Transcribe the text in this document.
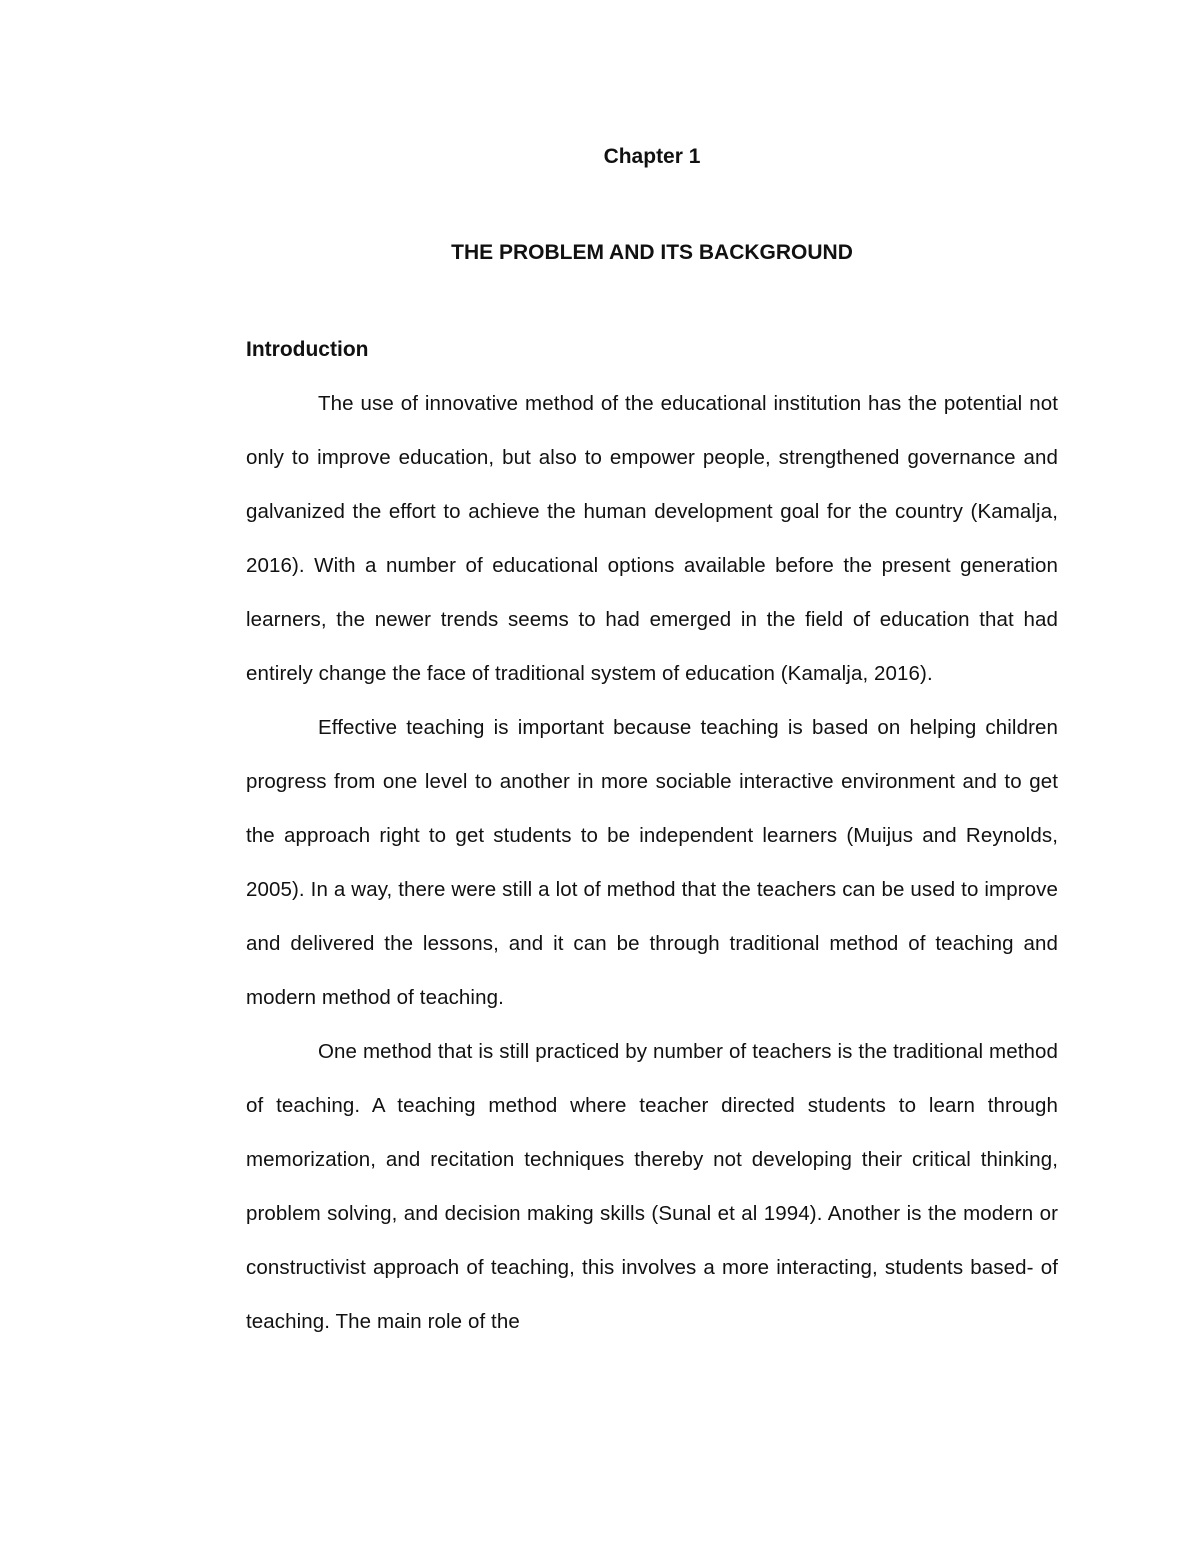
Chapter 1
THE PROBLEM AND ITS BACKGROUND
Introduction

The use of innovative method of the educational institution has the potential not only to improve education, but also to empower people, strengthened governance and galvanized the effort to achieve the human development goal for the country (Kamalja, 2016). With a number of educational options available before the present generation learners, the newer trends seems to had emerged in the field of education that had entirely change the face of traditional system of education (Kamalja, 2016).

Effective teaching is important because teaching is based on helping children progress from one level to another in more sociable interactive environment and to get the approach right to get students to be independent learners (Muijus and Reynolds, 2005). In a way, there were still a lot of method that the teachers can be used to improve and delivered the lessons, and it can be through traditional method of teaching and modern method of teaching.

One method that is still practiced by number of teachers is the traditional method of teaching. A teaching method where teacher directed students to learn through memorization, and recitation techniques thereby not developing their critical thinking, problem solving, and decision making skills (Sunal et al 1994). Another is the modern or constructivist approach of teaching, this involves a more interacting, students based- of teaching. The main role of the
